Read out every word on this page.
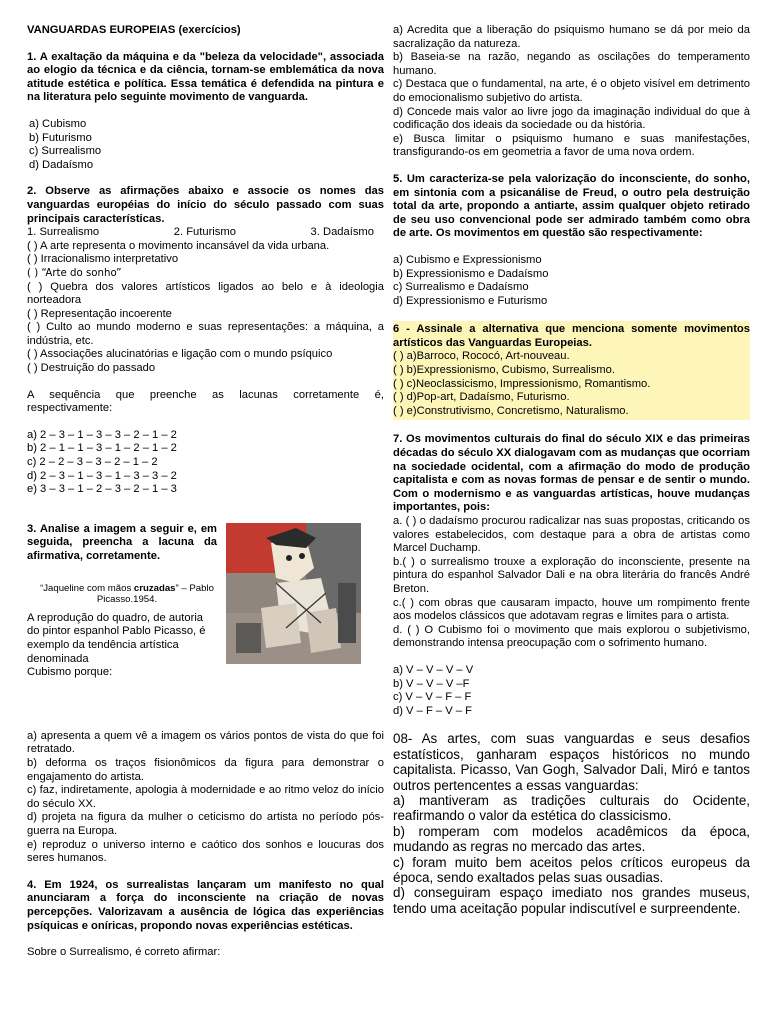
VANGUARDAS EUROPEIAS (exercícios)

1. A exaltação da máquina e da "beleza da velocidade", associada ao elogio da técnica e da ciência, tornam-se emblemática da nova atitude estética e política. Essa temática é defendida na pintura e na literatura pelo seguinte movimento de vanguarda.

a) Cubismo

b) Futurismo

c) Surrealismo

d) Dadaísmo

2. Observe as afirmações abaixo e associe os nomes das vanguardas européias do início do século passado com suas principais características.

1. Surrealismo	2. Futurismo	3. Dadaísmo

( ) A arte representa o movimento incansável da vida urbana.

( ) Irracionalismo interpretativo

( ) “Arte do sonho”

( ) Quebra dos valores artísticos ligados ao belo e à ideologia norteadora

( ) Representação incoerente

( ) Culto ao mundo moderno e suas representações: a máquina, a indústria, etc.

( ) Associações alucinatórias e ligação com o mundo psíquico

( ) Destruição do passado

A sequência que preenche as lacunas corretamente é, respectivamente:

a) 2 – 3 – 1 – 3 – 3 – 2 – 1 – 2

b) 2 – 1 – 1 – 3 – 1 – 2 – 1 – 2

c) 2 – 2 – 3 – 3 – 2 – 1 – 2

d) 2 – 3 – 1 – 3 – 1 – 3 – 3 – 2

e) 3 – 3 – 1 – 2 – 3 – 2 – 1 – 3

3. Analise a imagem a seguir e, em seguida, preencha a lacuna da afirmativa, corretamente.

“Jaqueline com mãos cruzadas” – Pablo Picasso.1954.

A reprodução do quadro, de autoria do pintor espanhol Pablo Picasso, é exemplo da tendência artística denominada

Cubismo porque:

a) apresenta a quem vê a imagem os vários pontos de vista do que foi retratado.

b) deforma os traços fisionômicos da figura para demonstrar o engajamento do artista.

c) faz, indiretamente, apologia à modernidade e ao ritmo veloz do início do século XX.

d) projeta na figura da mulher o ceticismo do artista no período pós-guerra na Europa.

e) reproduz o universo interno e caótico dos sonhos e loucuras dos seres humanos.

4. Em 1924, os surrealistas lançaram um manifesto no qual anunciaram a força do inconsciente na criação de novas percepções. Valorizavam a ausência de lógica das experiências psíquicas e oníricas, propondo novas experiências estéticas.

Sobre o Surrealismo, é correto afirmar:

a) Acredita que a liberação do psiquismo humano se dá por meio da sacralização da natureza.

b) Baseia-se na razão, negando as oscilações do temperamento humano.

c) Destaca que o fundamental, na arte, é o objeto visível em detrimento do emocionalismo subjetivo do artista.

d) Concede mais valor ao livre jogo da imaginação individual do que à codificação dos ideais da sociedade ou da história.

e) Busca limitar o psiquismo humano e suas manifestações, transfigurando-os em geometria a favor de uma nova ordem.

5. Um caracteriza-se pela valorização do inconsciente, do sonho, em sintonia com a psicanálise de Freud, o outro pela destruição total da arte, propondo a antiarte, assim qualquer objeto retirado de seu uso convencional pode ser admirado também como obra de arte. Os movimentos em questão são respectivamente:

a) Cubismo e Expressionismo

b) Expressionismo e Dadaísmo

c) Surrealismo e Dadaísmo

d) Expressionismo e Futurismo

6 - Assinale a alternativa que menciona somente movimentos artísticos das Vanguardas Europeias.

( ) a)Barroco, Rococó, Art-nouveau.

( ) b)Expressionismo, Cubismo, Surrealismo.

( ) c)Neoclassicismo, Impressionismo, Romantismo.

( ) d)Pop-art, Dadaísmo, Futurismo.

( ) e)Construtivismo, Concretismo, Naturalismo.

7. Os movimentos culturais do final do século XIX e das primeiras décadas do século XX dialogavam com as mudanças que ocorriam na sociedade ocidental, com a afirmação do modo de produção capitalista e com as novas formas de pensar e de sentir o mundo. Com o modernismo e as vanguardas artísticas, houve mudanças importantes, pois:

a. ( ) o dadaísmo procurou radicalizar nas suas propostas, criticando os valores estabelecidos, com destaque para a obra de artistas como Marcel Duchamp.

b.( ) o surrealismo trouxe a exploração do inconsciente, presente na pintura do espanhol Salvador Dali e na obra literária do francês André Breton.

c.( ) com obras que causaram impacto, houve um rompimento frente aos modelos clássicos que adotavam regras e limites para o artista.

d. ( ) O Cubismo foi o movimento que mais explorou o subjetivismo, demonstrando intensa preocupação com o sofrimento humano.

a) V – V – V – V

b) V – V – V –F

c) V – V – F – F

d) V – F – V – F

08- As artes, com suas vanguardas e seus desafios estatísticos, ganharam espaços históricos no mundo capitalista. Picasso, Van Gogh, Salvador Dali, Miró e tantos outros pertencentes a essas vanguardas:

a) mantiveram as tradições culturais do Ocidente, reafirmando o valor da estética do classicismo.

b) romperam com modelos acadêmicos da época, mudando as regras no mercado das artes.

c) foram muito bem aceitos pelos críticos europeus da época, sendo exaltados pelas suas ousadias.

d) conseguiram espaço imediato nos grandes museus, tendo uma aceitação popular indiscutível e surpreendente.
